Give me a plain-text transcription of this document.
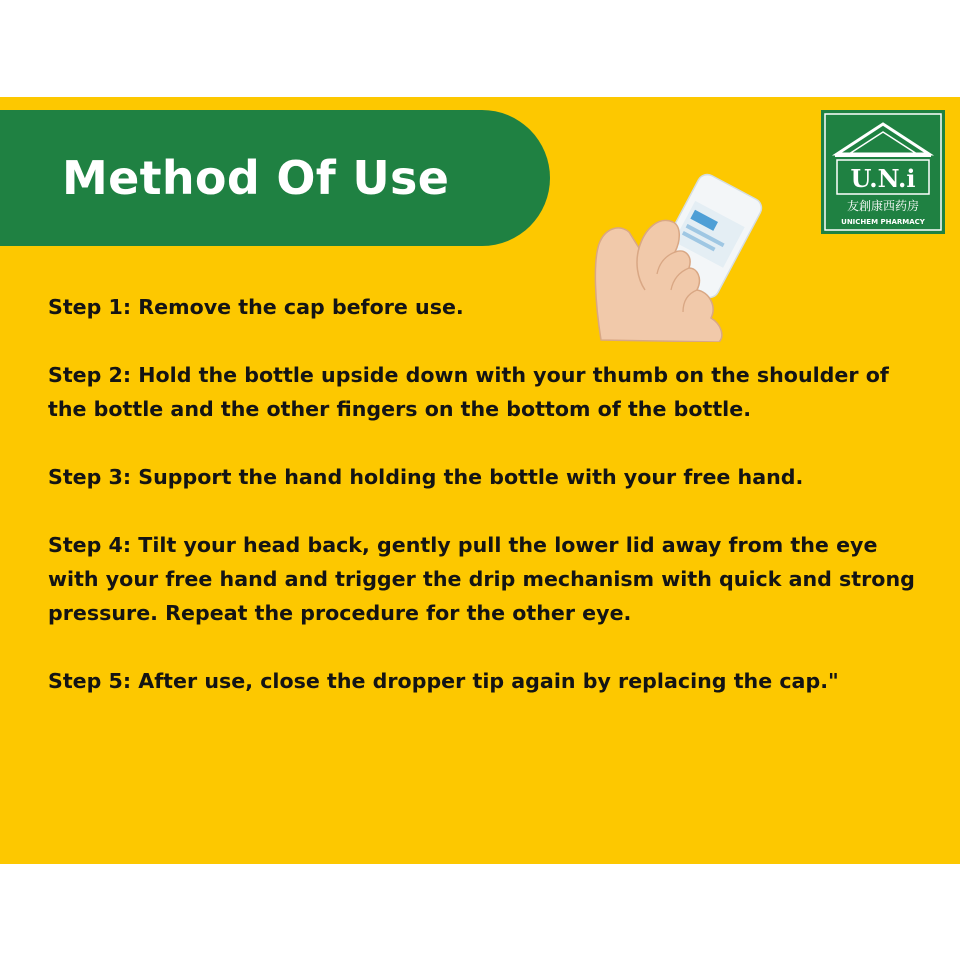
Method Of Use	U.N.i
友創康西药房
UNICHEM PHARMACY

Step 1: Remove the cap before use.

Step 2: Hold the bottle upside down with your thumb on the shoulder of the bottle and the other fingers on the bottom of the bottle.

Step 3: Support the hand holding the bottle with your free hand.

Step 4: Tilt your head back, gently pull the lower lid away from the eye with your free hand and trigger the drip mechanism with quick and strong pressure. Repeat the procedure for the other eye.

Step 5: After use, close the dropper tip again by replacing the cap."
